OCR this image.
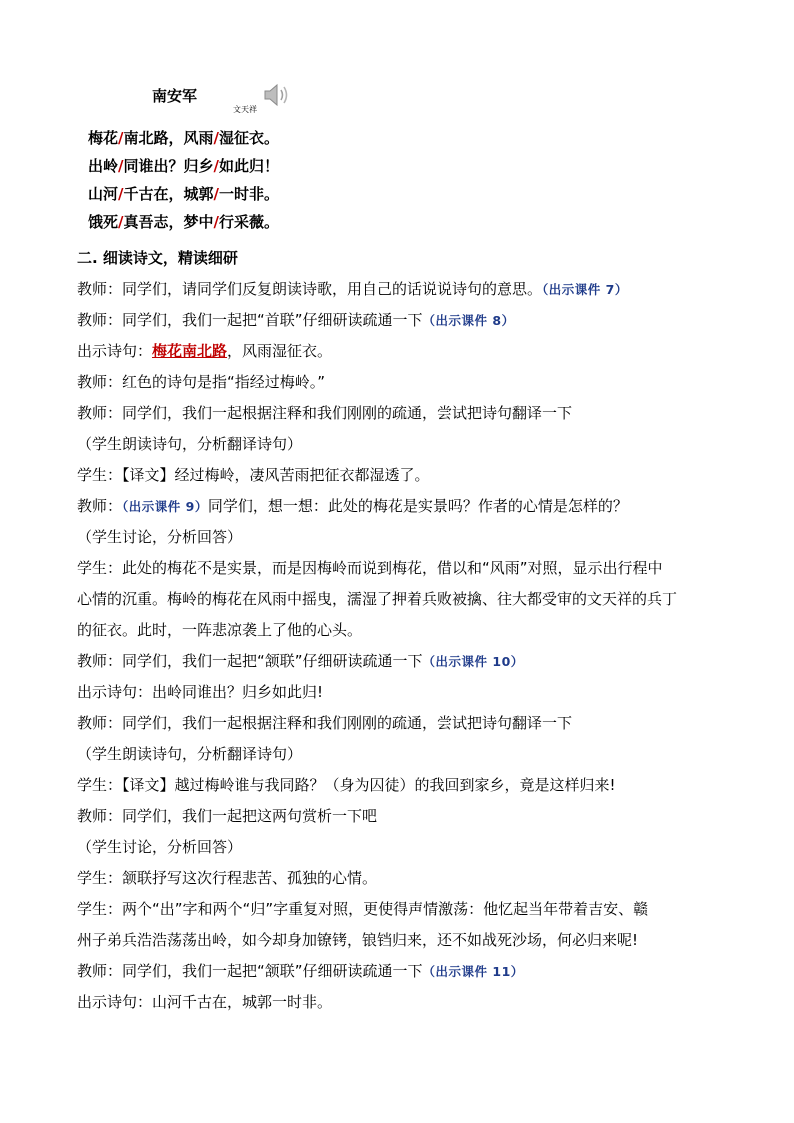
南安军
文天祥
梅花/南北路，风雨/湿征衣。
出岭/同谁出？归乡/如此归！
山河/千古在，城郭/一时非。
饿死/真吾志，梦中/行采薇。
二. 细读诗文，精读细研
教师：同学们，请同学们反复朗读诗歌，用自己的话说说诗句的意思。（出示课件 7）
教师：同学们，我们一起把“首联”仔细研读疏通一下（出示课件 8）
出示诗句：梅花南北路，风雨湿征衣。
教师：红色的诗句是指“指经过梅岭。”
教师：同学们，我们一起根据注释和我们刚刚的疏通，尝试把诗句翻译一下
（学生朗读诗句，分析翻译诗句）
学生：【译文】经过梅岭，凄风苦雨把征衣都湿透了。
教师：（出示课件 9）同学们，想一想：此处的梅花是实景吗？作者的心情是怎样的？
（学生讨论，分析回答）
学生：此处的梅花不是实景，而是因梅岭而说到梅花，借以和“风雨”对照，显示出行程中
心情的沉重。梅岭的梅花在风雨中摇曳，濡湿了押着兵败被擒、往大都受审的文天祥的兵丁
的征衣。此时，一阵悲凉袭上了他的心头。
教师：同学们，我们一起把“颔联”仔细研读疏通一下（出示课件 10）
出示诗句：出岭同谁出？归乡如此归!
教师：同学们，我们一起根据注释和我们刚刚的疏通，尝试把诗句翻译一下
（学生朗读诗句，分析翻译诗句）
学生：【译文】越过梅岭谁与我同路？（身为囚徒）的我回到家乡，竟是这样归来!
教师：同学们，我们一起把这两句赏析一下吧
（学生讨论，分析回答）
学生：颔联抒写这次行程悲苦、孤独的心情。
学生：两个“出”字和两个“归”字重复对照，更使得声情激荡：他忆起当年带着吉安、赣
州子弟兵浩浩荡荡出岭，如今却身加镣铐，锒铛归来，还不如战死沙场，何必归来呢!
教师：同学们，我们一起把“颔联”仔细研读疏通一下（出示课件 11）
出示诗句：山河千古在，城郭一时非。
